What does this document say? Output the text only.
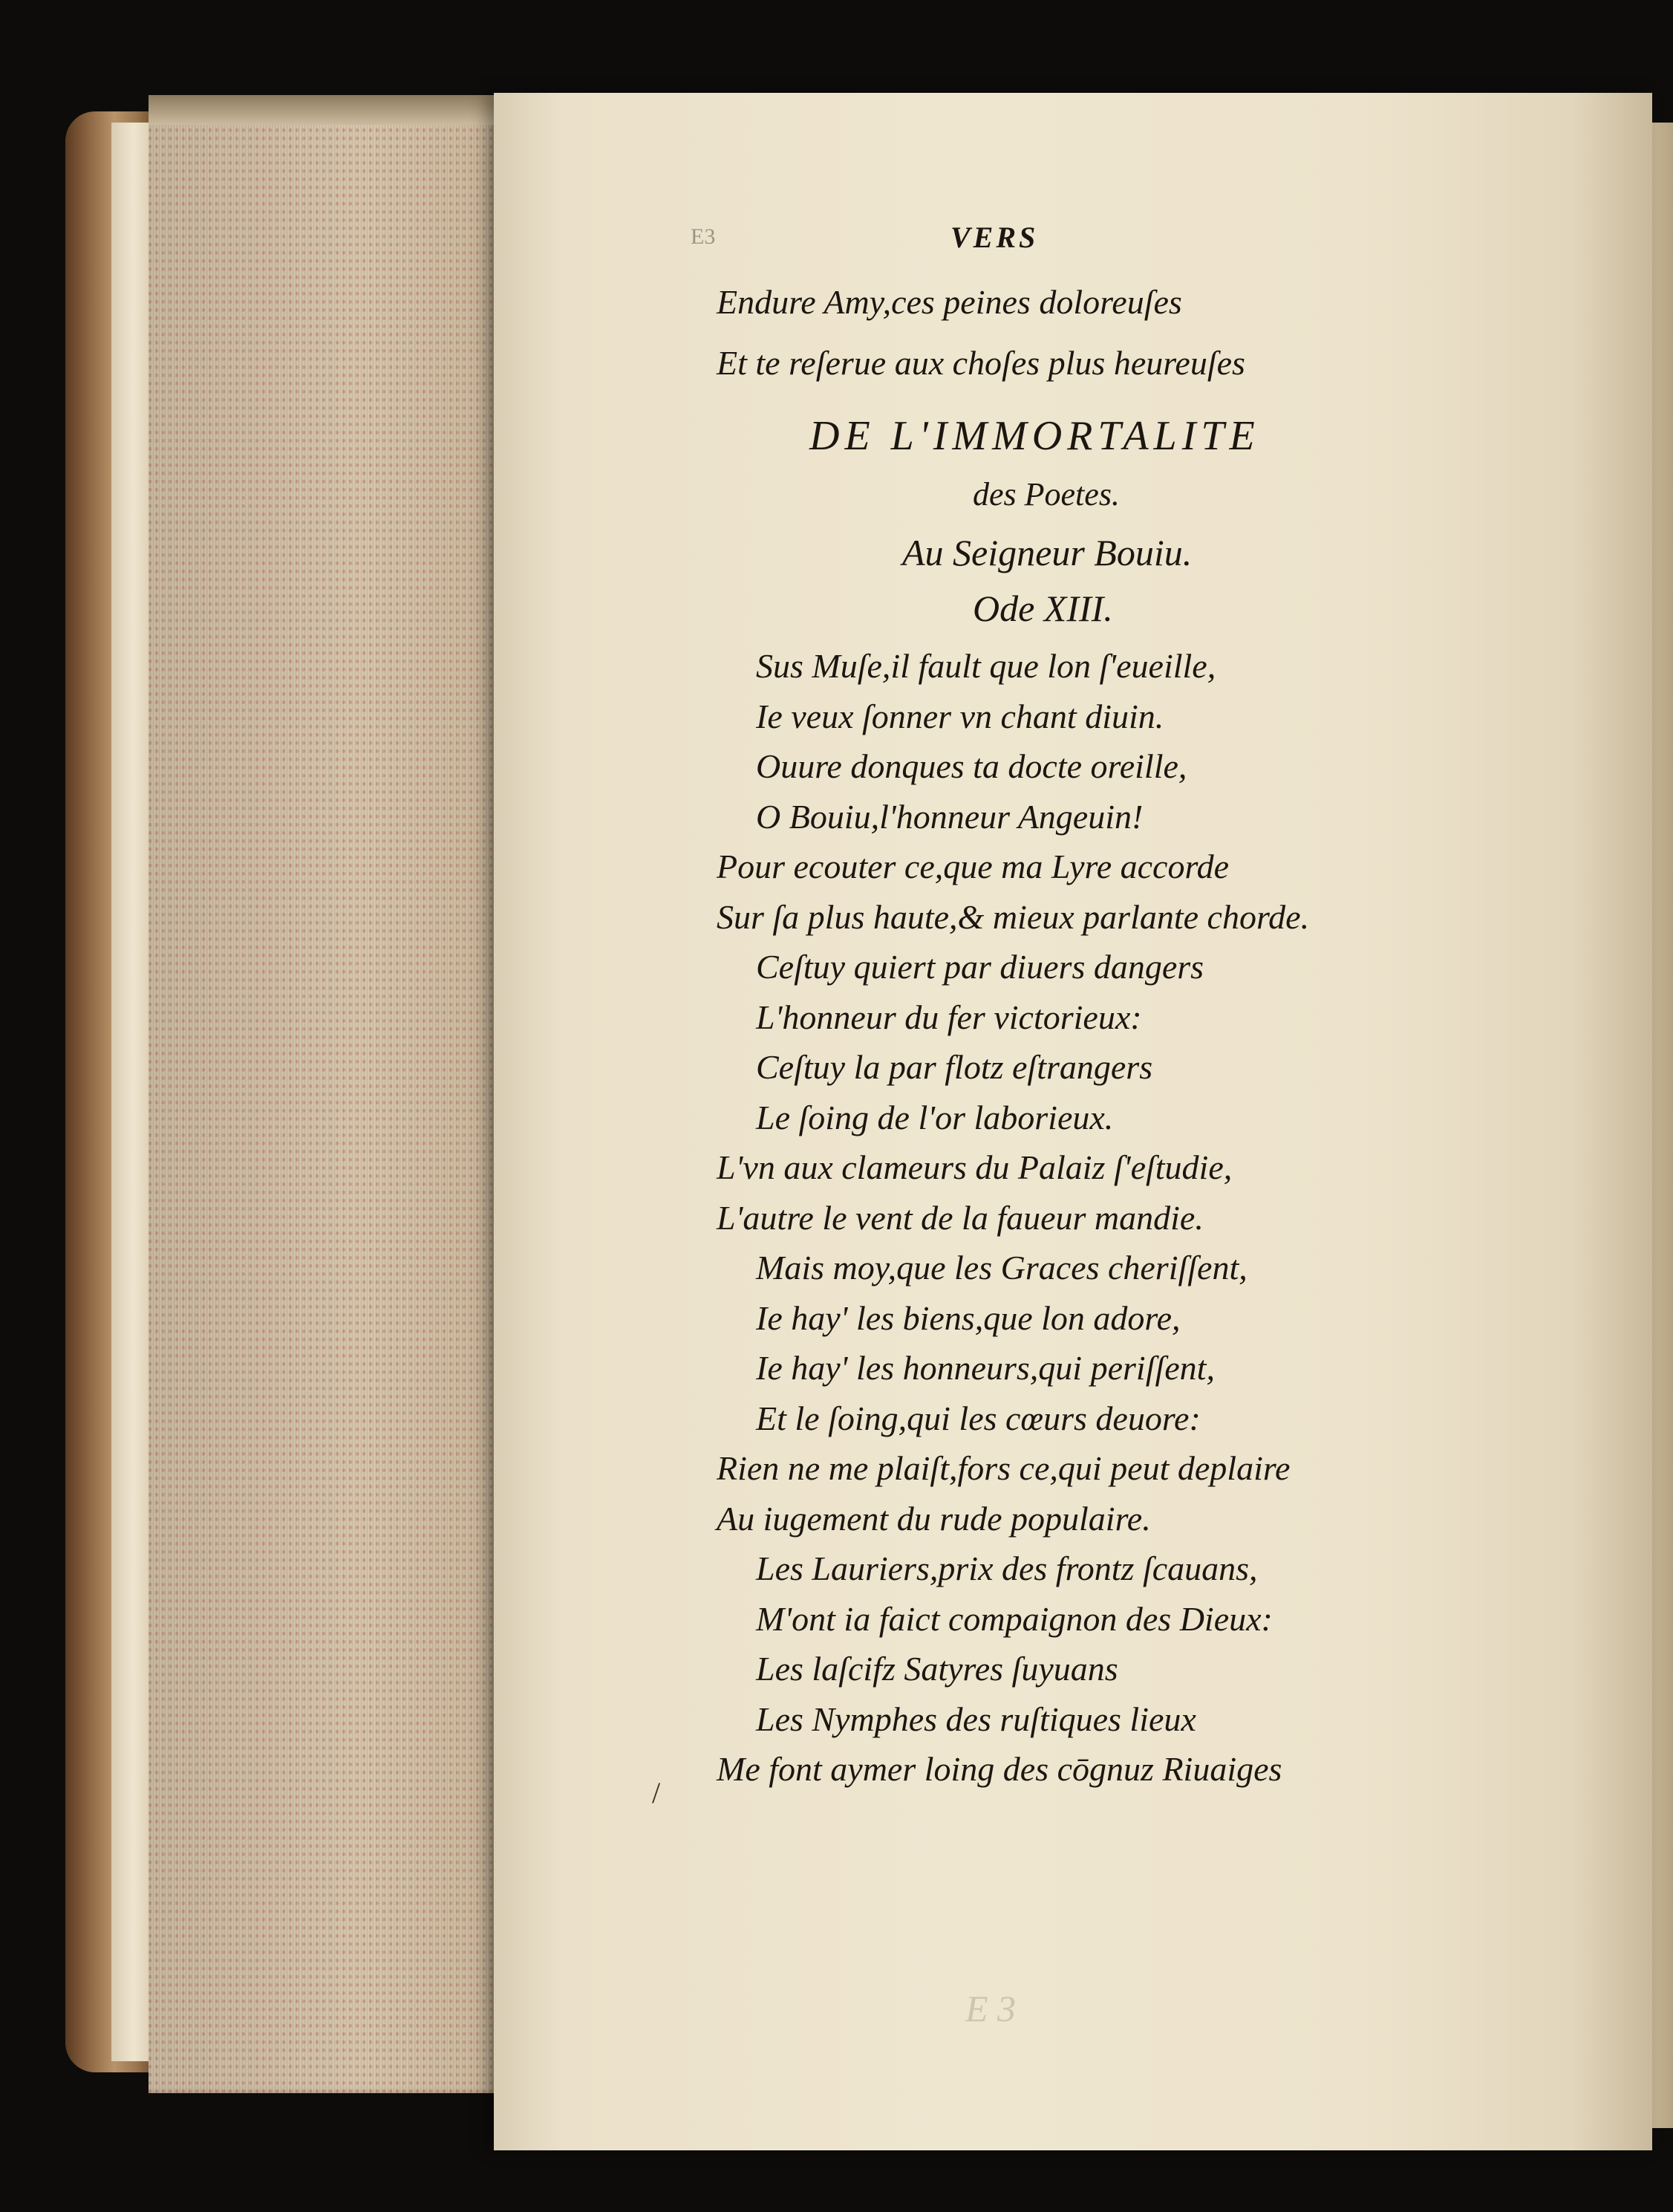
E3	VERS

Endure Amy,ces peines doloreuſes

Et te reſerue aux choſes plus heureuſes

DE L'IMMORTALITE

des Poetes.

Au Seigneur Bouiu.

Ode XIII.

Sus Muſe,il fault que lon ſ'eueille,

Ie veux ſonner vn chant diuin.

Ouure donques ta docte oreille,

O Bouiu,l'honneur Angeuin!

Pour ecouter ce,que ma Lyre accorde

Sur ſa plus haute,& mieux parlante chorde.

Ceſtuy quiert par diuers dangers

L'honneur du fer victorieux:

Ceſtuy la par flotz eſtrangers

Le ſoing de l'or laborieux.

L'vn aux clameurs du Palaiz ſ'eſtudie,

L'autre le vent de la faueur mandie.

Mais moy,que les Graces cheriſſent,

Ie hay' les biens,que lon adore,

Ie hay' les honneurs,qui periſſent,

Et le ſoing,qui les cœurs deuore:

Rien ne me plaiſt,fors ce,qui peut deplaire

Au iugement du rude populaire.

Les Lauriers,prix des frontz ſcauans,

M'ont ia faict compaignon des Dieux:

Les laſcifz Satyres ſuyuans

Les Nymphes des ruſtiques lieux

Me font aymer loing des cōgnuz Riuaiges

/

E 3
